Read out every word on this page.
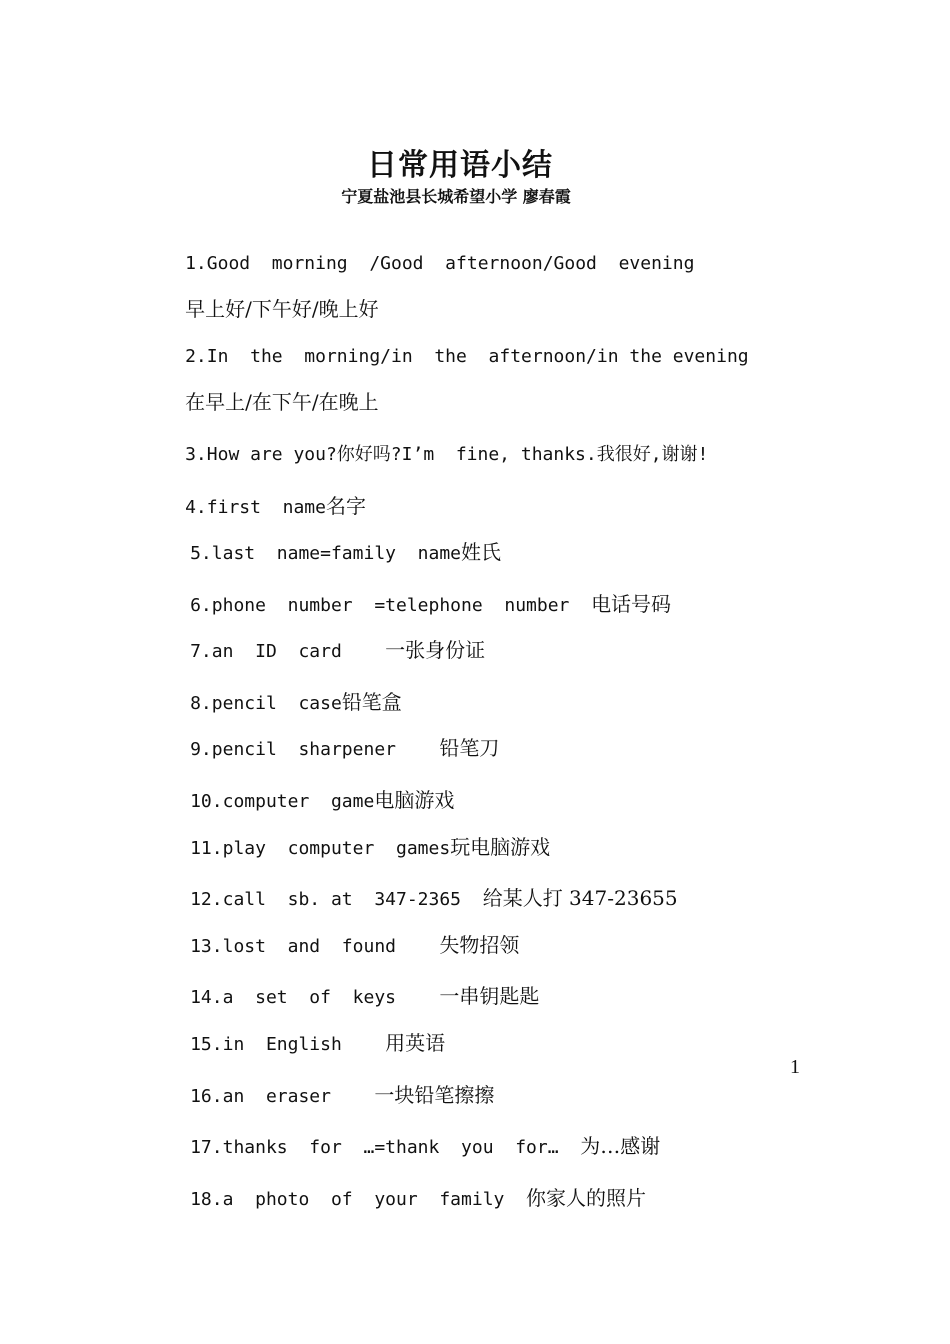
日常用语小结

宁夏盐池县长城希望小学 廖春霞

1.Good  morning  /Good  afternoon/Good  evening

早上好/下午好/晚上好

2.In  the  morning/in  the  afternoon/in the evening

在早上/在下午/在晚上

3.How are you?你好吗?I’m  fine, thanks.我很好,谢谢!

4.first  name名字

5.last  name=family  name姓氏

6.phone  number  =telephone  number  电话号码

7.an  ID  card    一张身份证

8.pencil  case铅笔盒

9.pencil  sharpener    铅笔刀

10.computer  game电脑游戏

11.play  computer  games玩电脑游戏

12.call  sb. at  347-2365  给某人打 347-23655

13.lost  and  found    失物招领

14.a  set  of  keys    一串钥匙匙

15.in  English    用英语

16.an  eraser    一块铅笔擦擦

17.thanks  for  …=thank  you  for…  为…感谢

18.a  photo  of  your  family  你家人的照片

1
